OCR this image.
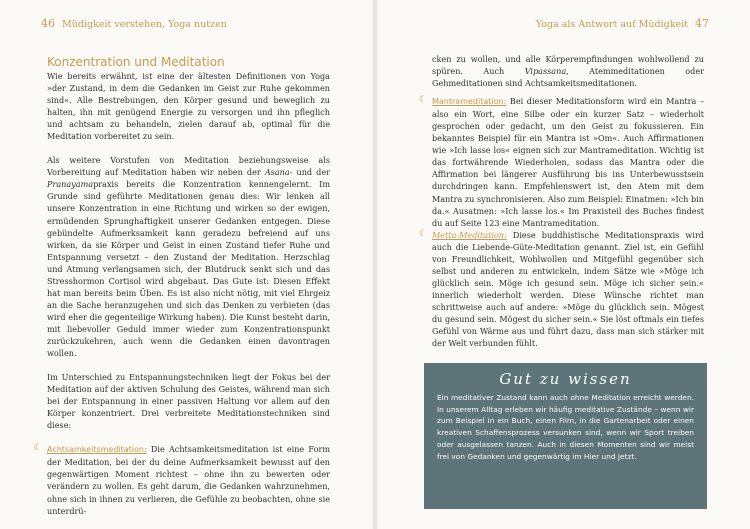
46 Müdigkeit verstehen, Yoga nutzen
Konzentration und Meditation

Wie bereits erwähnt, ist eine der ältesten Definitionen von Yoga »der Zustand, in dem die Gedanken im Geist zur Ruhe gekommen sind«. Alle Bestrebungen, den Körper gesund und beweglich zu halten, ihn mit genügend Energie zu versorgen und ihn pfleglich und achtsam zu behandeln, zielen darauf ab, optimal für die Meditation vorbereitet zu sein.

Als weitere Vorstufen von Meditation beziehungsweise als Vorbereitung auf Meditation haben wir neben der Asana- und der Pranayamapraxis bereits die Konzentration kennengelernt. Im Grunde sind geführte Meditationen genau dies: Wir lenken all unsere Konzentration in eine Richtung und wirken so der ewigen, ermüdenden Sprunghaftigkeit unserer Gedanken entgegen. Diese gebündelte Aufmerksamkeit kann geradezu befreiend auf uns wirken, da sie Körper und Geist in einen Zustand tiefer Ruhe und Entspannung versetzt – den Zustand der Meditation. Herzschlag und Atmung verlangsamen sich, der Blutdruck senkt sich und das Stresshormon Cortisol wird abgebaut. Das Gute ist: Diesen Effekt hat man bereits beim Üben. Es ist also nicht nötig, mit viel Ehrgeiz an die Sache heranzugehen und sich das Denken zu verbieten (das wird eher die gegenteilige Wirkung haben). Die Kunst besteht darin, mit liebevoller Geduld immer wieder zum Konzentrationspunkt zurückzukehren, auch wenn die Gedanken einen davontragen wollen.

Im Unterschied zu Entspannungstechniken liegt der Fokus bei der Meditation auf der aktiven Schulung des Geistes, während man sich bei der Entspannung in einer passiven Haltung vor allem auf den Körper konzentriert. Drei verbreitete Meditationstechniken sind diese:

☾ Achtsamkeitsmeditation: Die Achtsamkeitsmeditation ist eine Form der Meditation, bei der du deine Aufmerksamkeit bewusst auf den gegenwärtigen Moment richtest – ohne ihn zu bewerten oder verändern zu wollen. Es geht darum, die Gedanken wahrzunehmen, ohne sich in ihnen zu verlieren, die Gefühle zu beobachten, ohne sie unterdrü-

Yoga als Antwort auf Müdigkeit 47

cken zu wollen, und alle Körperempfindungen wohlwollend zu spüren. Auch Vipassana, Atemmeditationen oder Gehmeditationen sind Achtsamkeitsmeditationen.

☾ Mantrameditation: Bei dieser Meditationsform wird ein Mantra – also ein Wort, eine Silbe oder ein kurzer Satz – wiederholt gesprochen oder gedacht, um den Geist zu fokussieren. Ein bekanntes Beispiel für ein Mantra ist »Om«. Auch Affirmationen wie »Ich lasse los« eignen sich zur Mantrameditation. Wichtig ist das fortwährende Wiederholen, sodass das Mantra oder die Affirmation bei längerer Ausführung bis ins Unterbewusstsein durchdringen kann. Empfehlenswert ist, den Atem mit dem Mantra zu synchronisieren. Also zum Beispiel: Einatmen: »Ich bin da.« Ausatmen: »Ich lasse los.« Im Praxisteil des Buches findest du auf Seite 123 eine Mantrameditation.

☾ Metta-Meditation: Diese buddhistische Meditationspraxis wird auch die Liebende-Güte-Meditation genannt. Ziel ist, ein Gefühl von Freundlichkeit, Wohlwollen und Mitgefühl gegenüber sich selbst und anderen zu entwickeln, indem Sätze wie »Möge ich glücklich sein. Möge ich gesund sein. Möge ich sicher sein.« innerlich wiederholt werden. Diese Wünsche richtet man schrittweise auch auf andere: »Möge du glücklich sein. Mögest du gesund sein. Mögest du sicher sein.« Sie löst oftmals ein tiefes Gefühl von Wärme aus und führt dazu, dass man sich stärker mit der Welt verbunden fühlt.

Gut zu wissen
Ein meditativer Zustand kann auch ohne Meditation erreicht werden. In unserem Alltag erleben wir häufig meditative Zustände – wenn wir zum Beispiel in ein Buch, einen Film, in die Gartenarbeit oder einen kreativen Schaffensprozess versunken sind, wenn wir Sport treiben oder ausgelassen tanzen. Auch in diesen Momenten sind wir meist frei von Gedanken und gegenwärtig im Hier und Jetzt.
